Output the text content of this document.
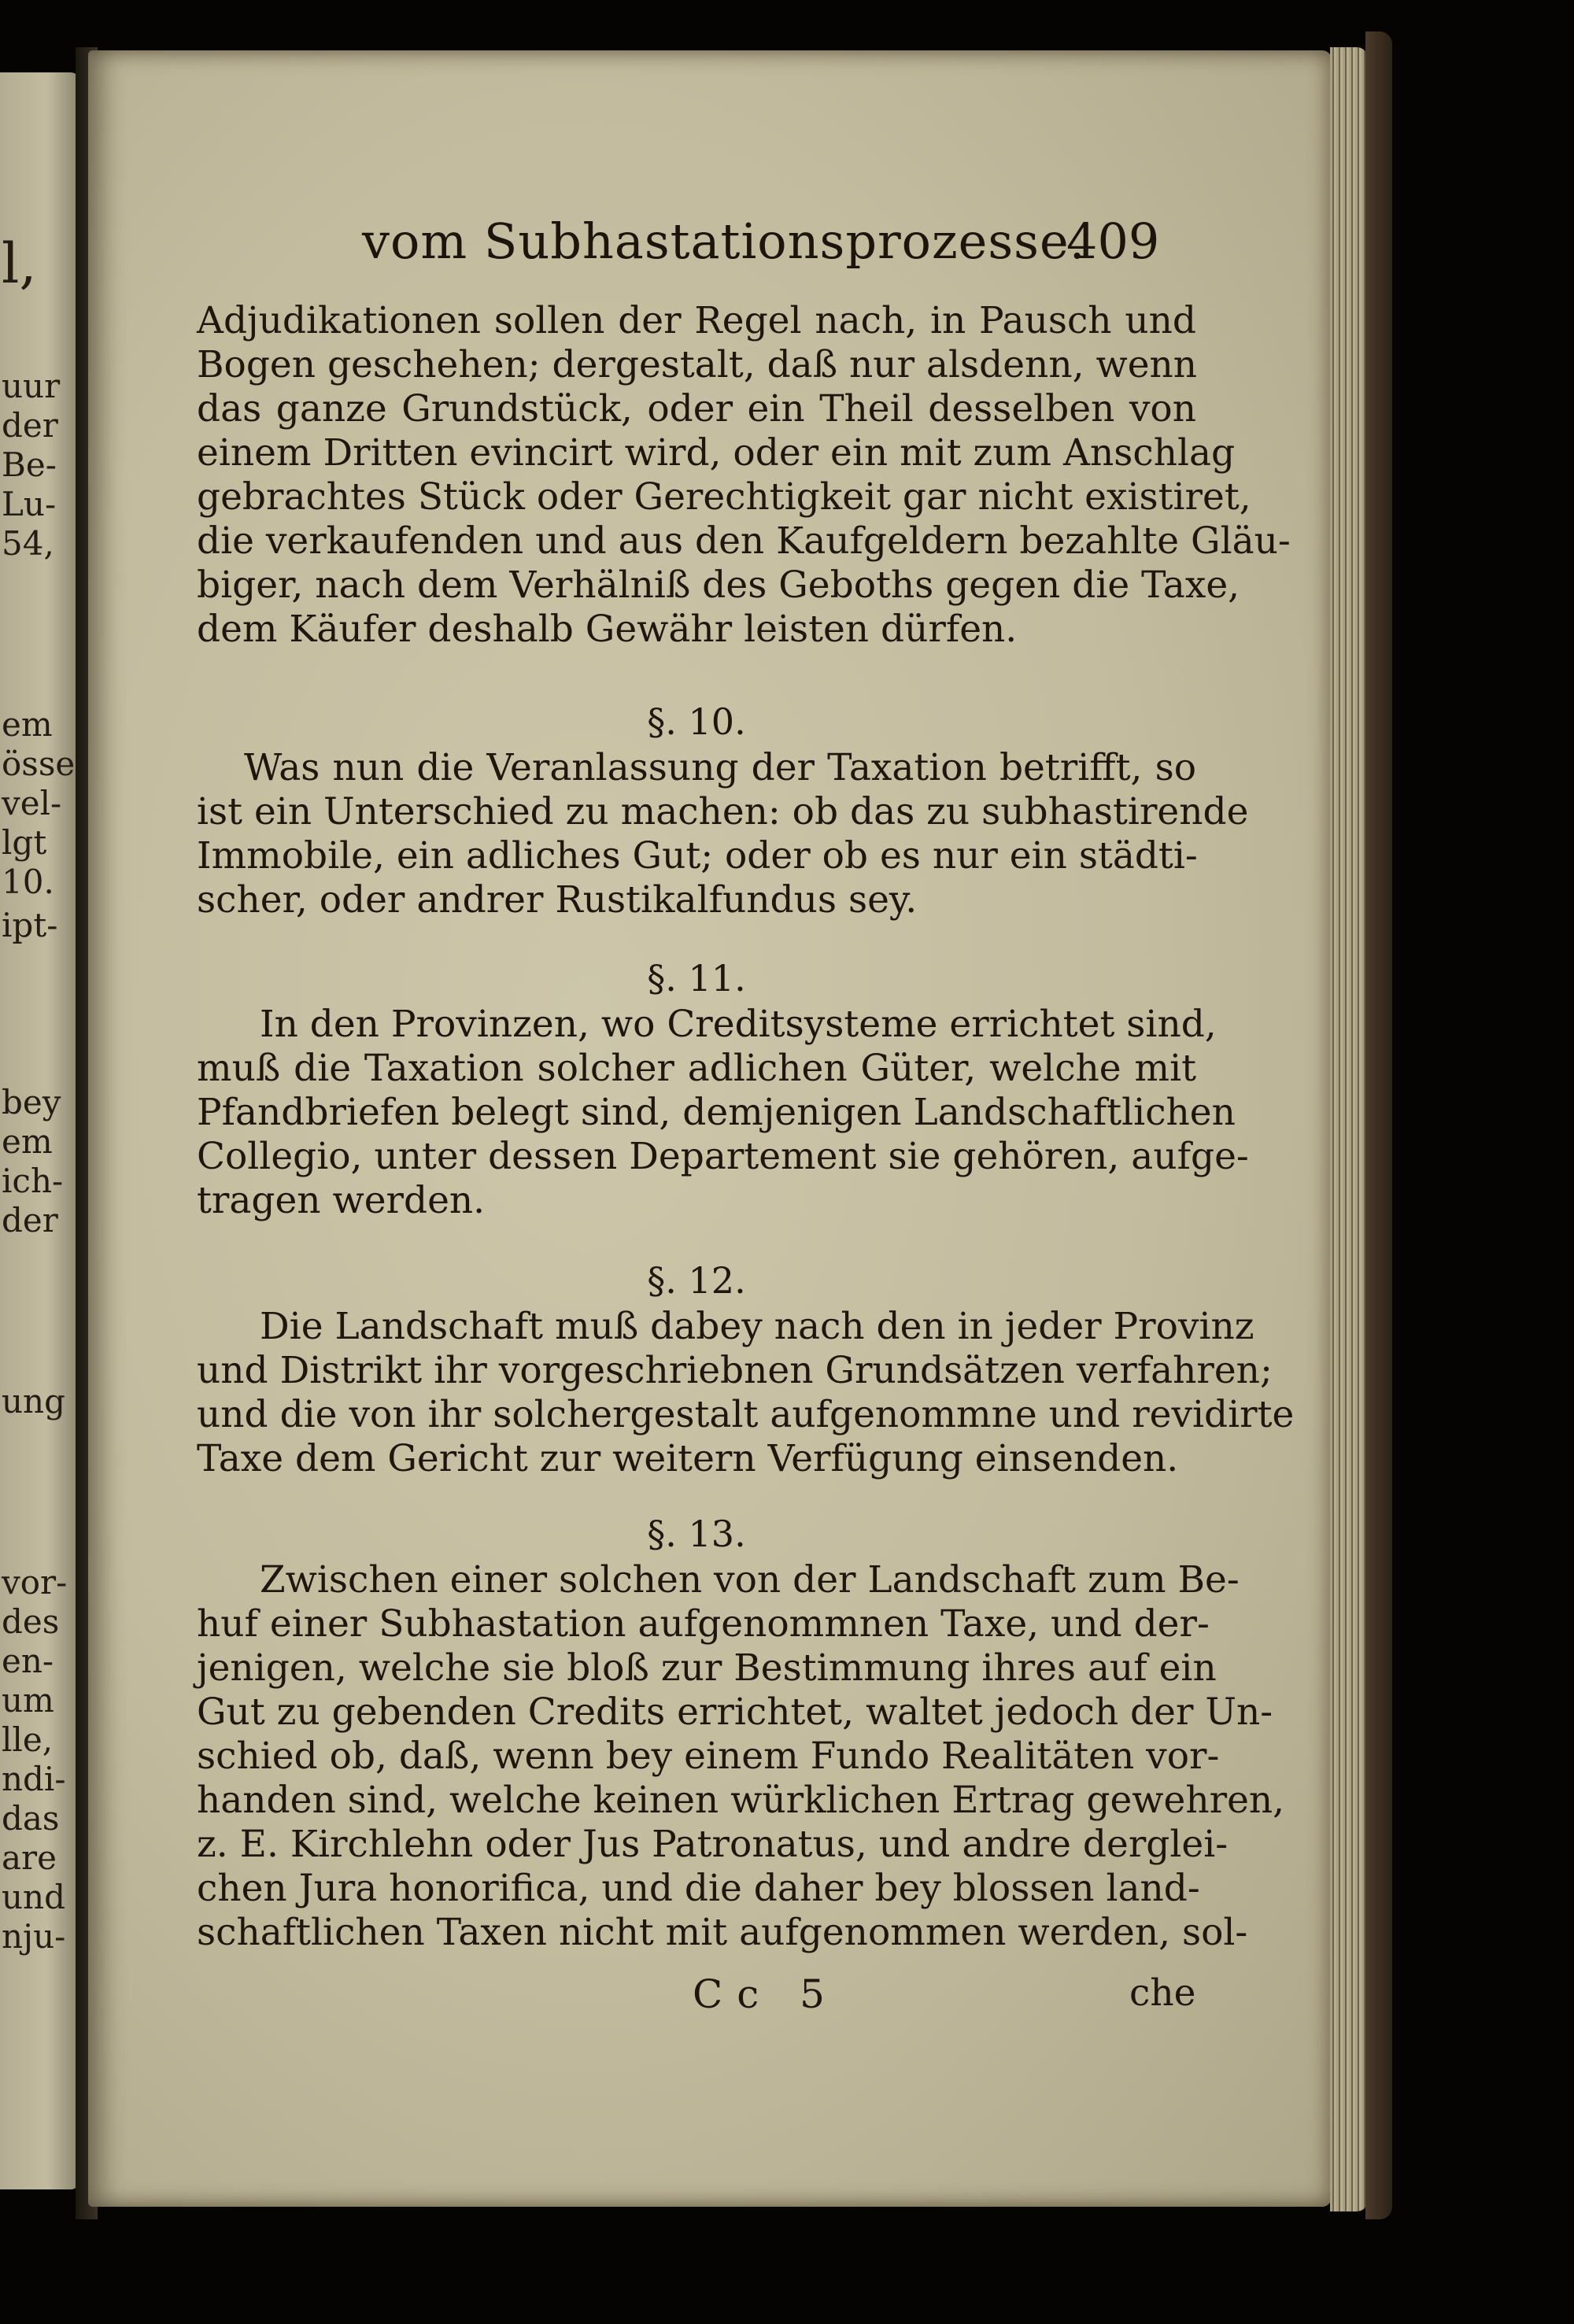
l,
uur
der
Be-
Lu-
54,
em
össe
vel-
lgt
10.
ipt-
bey
em
ich-
der
ung
vor-
des
en-
um
lle,
ndi-
das
are
und
nju-
vom Subhastationsprozesse.
409
Adjudikationen sollen der Regel nach, in Pausch und
Bogen geschehen; dergestalt, daß nur alsdenn, wenn
das ganze Grundstück, oder ein Theil desselben von
einem Dritten evincirt wird, oder ein mit zum Anschlag
gebrachtes Stück oder Gerechtigkeit gar nicht existiret,
die verkaufenden und aus den Kaufgeldern bezahlte Gläu-
biger, nach dem Verhälniß des Geboths gegen die Taxe,
dem Käufer deshalb Gewähr leisten dürfen.
§. 10.
Was nun die Veranlassung der Taxation betrifft, so
ist ein Unterschied zu machen: ob das zu subhastirende
Immobile, ein adliches Gut; oder ob es nur ein städti-
scher, oder andrer Rustikalfundus sey.
§. 11.
In den Provinzen, wo Creditsysteme errichtet sind,
muß die Taxation solcher adlichen Güter, welche mit
Pfandbriefen belegt sind, demjenigen Landschaftlichen
Collegio, unter dessen Departement sie gehören, aufge-
tragen werden.
§. 12.
Die Landschaft muß dabey nach den in jeder Provinz
und Distrikt ihr vorgeschriebnen Grundsätzen verfahren;
und die von ihr solchergestalt aufgenommne und revidirte
Taxe dem Gericht zur weitern Verfügung einsenden.
§. 13.
Zwischen einer solchen von der Landschaft zum Be-
huf einer Subhastation aufgenommnen Taxe, und der-
jenigen, welche sie bloß zur Bestimmung ihres auf ein
Gut zu gebenden Credits errichtet, waltet jedoch der Un-
schied ob, daß, wenn bey einem Fundo Realitäten vor-
handen sind, welche keinen würklichen Ertrag gewehren,
z. E. Kirchlehn oder Jus Patronatus, und andre derglei-
chen Jura honorifica, und die daher bey blossen land-
schaftlichen Taxen nicht mit aufgenommen werden, sol-
Cc 5	che
